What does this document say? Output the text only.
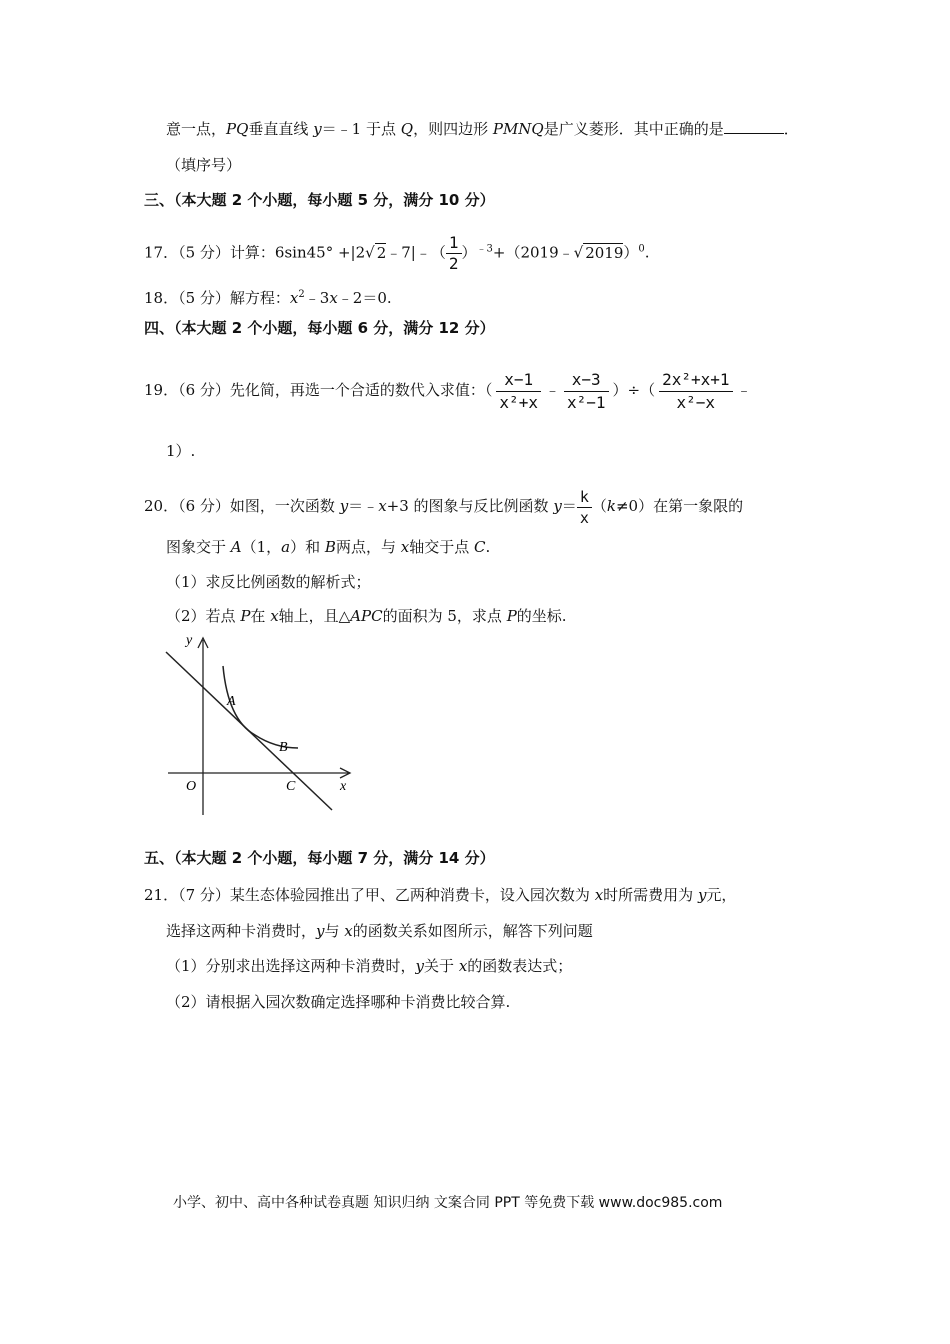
意一点，PQ垂直直线 y＝﹣1 于点 Q，则四边形 PMNQ是广义菱形．其中正确的是	．
（填序号）
三、（本大题 2 个小题，每小题 5 分，满分 10 分）
17．（5 分）计算：6sin45° +|2√ 2﹣7|﹣（ $\frac{1}{2}$ ）$^{﹣3}$+（2019﹣√ 2019）$^0$.
18．（5 分）解方程：$x^2﹣3x﹣2=0$.
四、（本大题 2 个小题，每小题 6 分，满分 12 分）
19．（6 分）先化简，再选一个合适的数代入求值：（ $\frac{x-1}{\text{x²+x}}$ ﹣ $\frac{x-3}{\text{x²−1}}$ ）÷（ $\frac{\text{2x²+x+1}}{\text{x²−x}}$ ﹣
1）.
20．（6 分）如图，一次函数 y＝﹣x+3 的图象与反比例函数 $y= \frac{k}{x} (k\ne 0)$在第一象限的
图象交于 A（1，a）和 B两点，与 x轴交于点 C.
（1）求反比例函数的解析式；
（2）若点 P在 x轴上，且△APC的面积为 5，求点 P的坐标.
y
x
O
A
B
C
五、（本大题 2 个小题，每小题 7 分，满分 14 分）
21．（7 分）某生态体验园推出了甲、乙两种消费卡，设入园次数为 x时所需费用为 y元，
选择这两种卡消费时，y与 x的函数关系如图所示，解答下列问题
（1）分别求出选择这两种卡消费时，y关于 x的函数表达式；
（2）请根据入园次数确定选择哪种卡消费比较合算.
小学、初中、高中各种试卷真题 知识归纳 文案合同 PPT 等免费下载 www.doc985.com
